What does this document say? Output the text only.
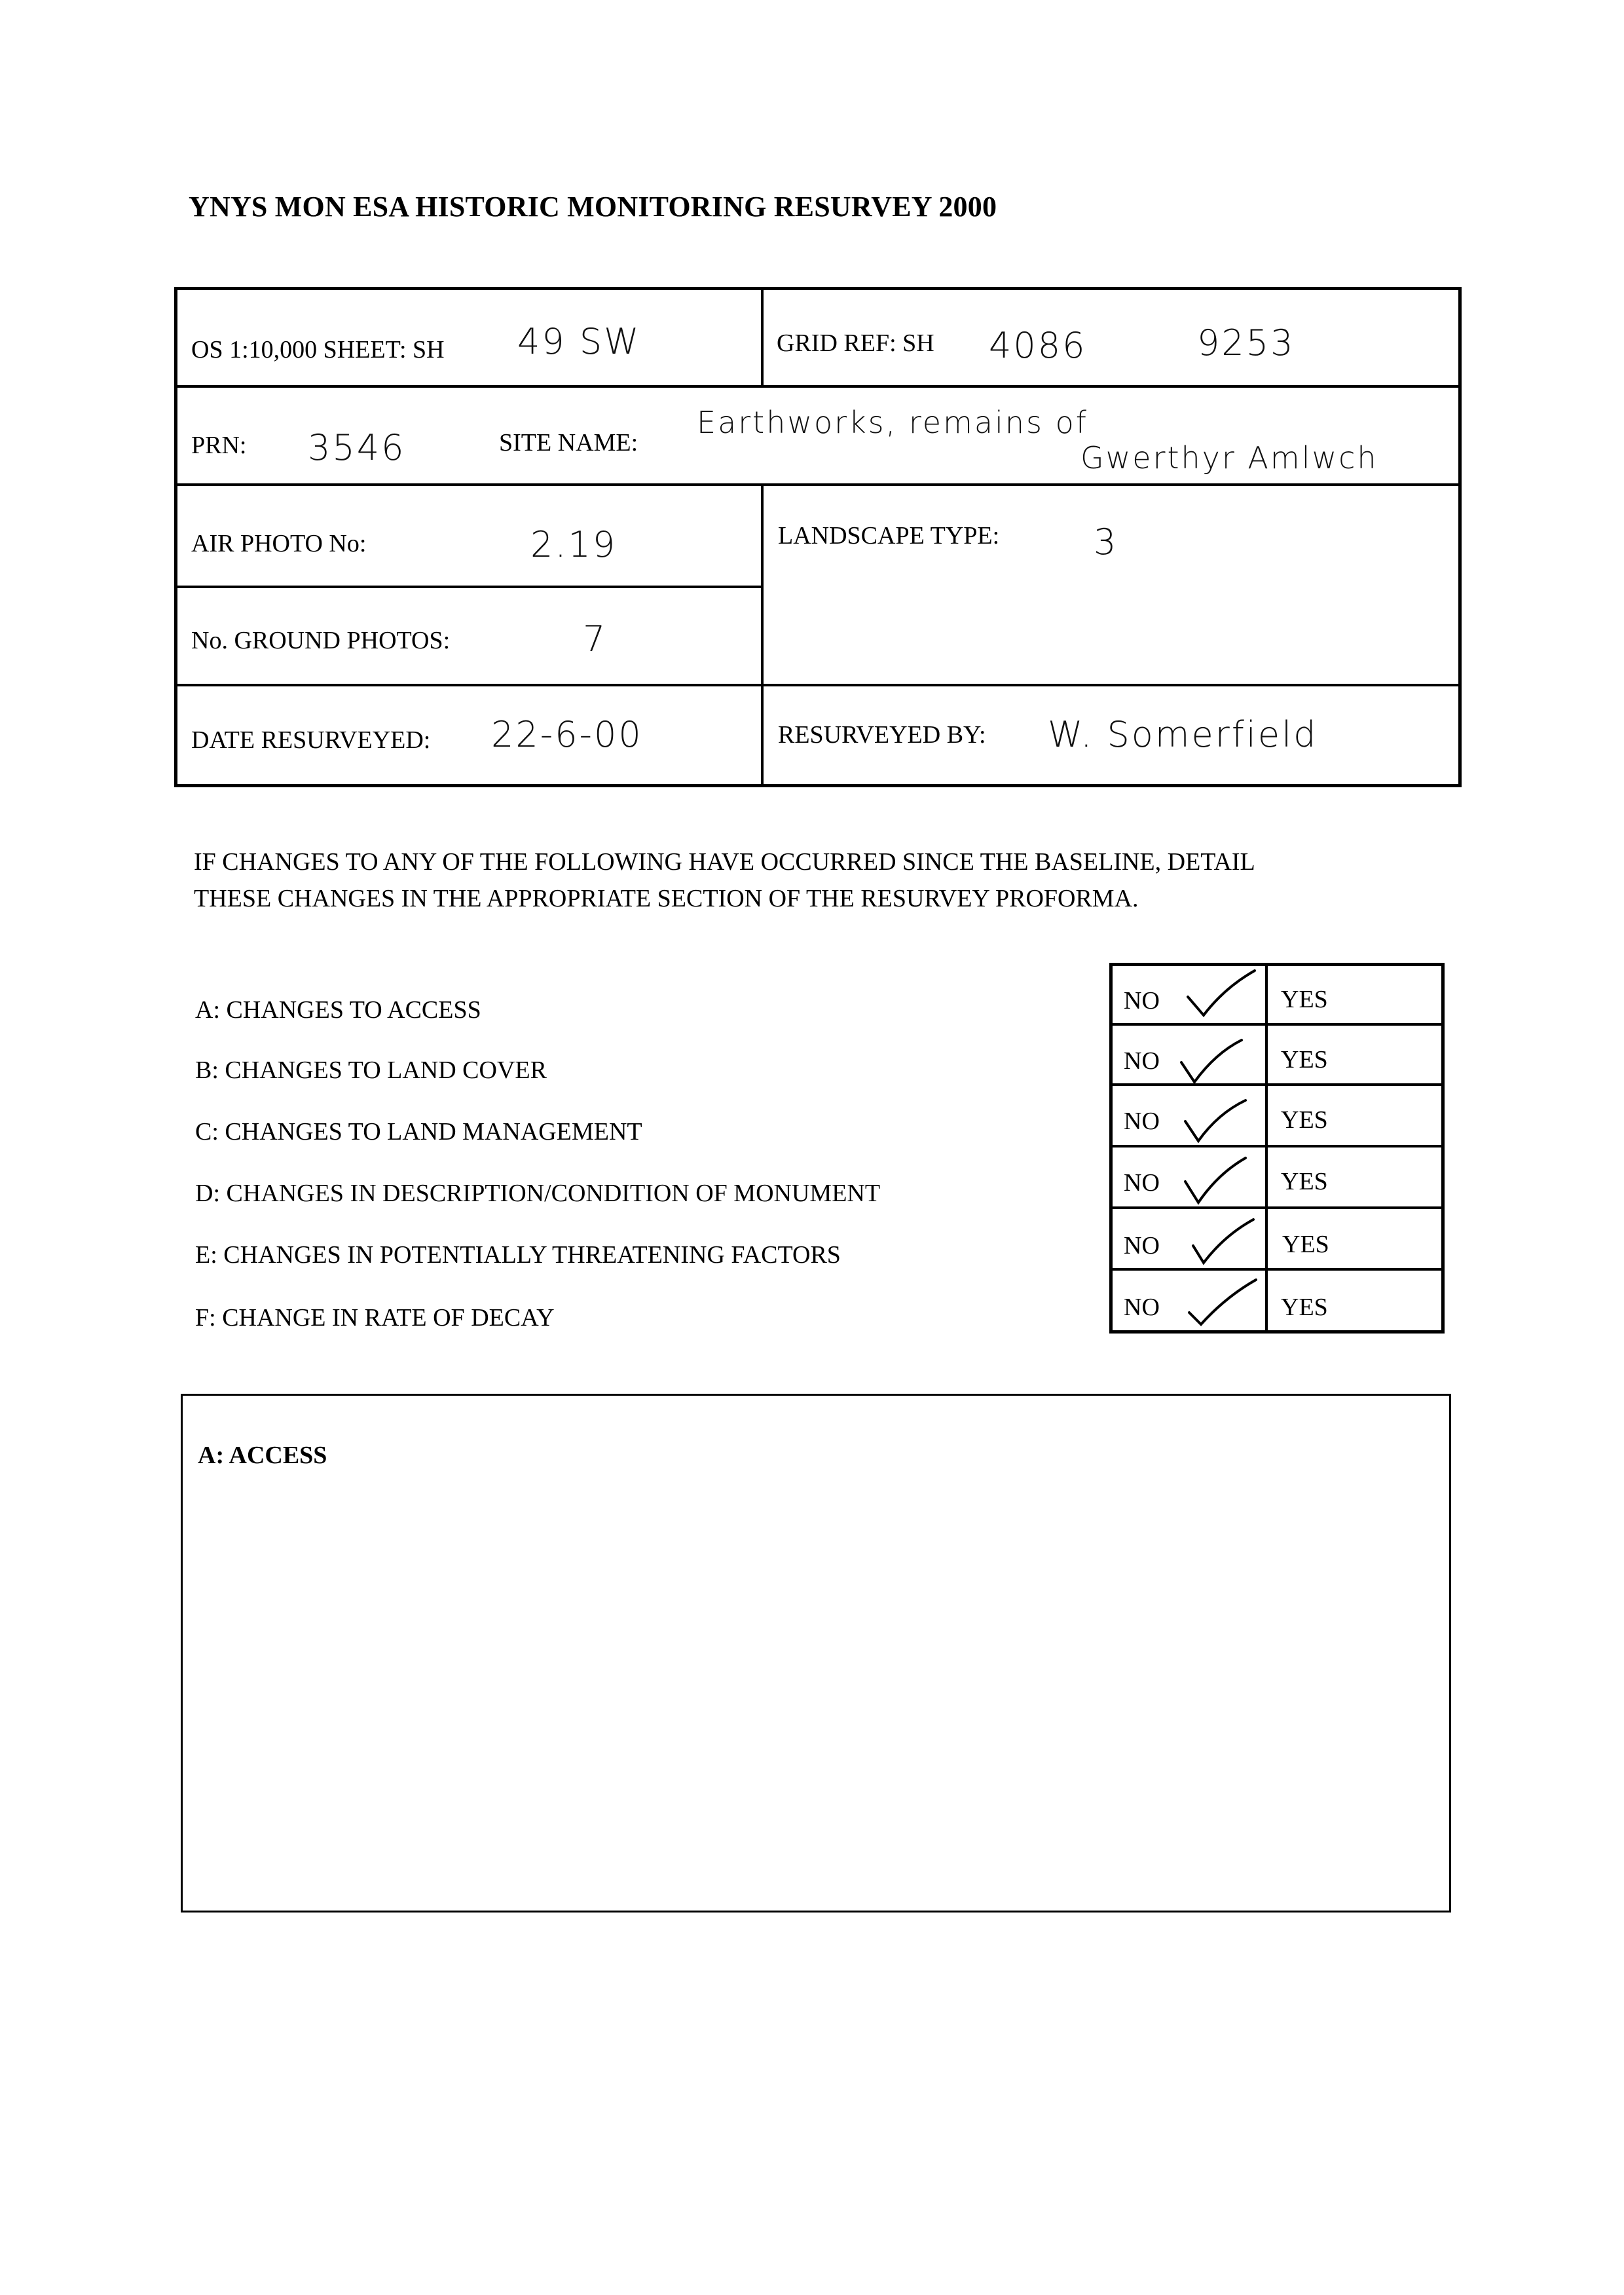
YNYS MON ESA HISTORIC MONITORING RESURVEY 2000
OS 1:10,000 SHEET: SH 49 SW	GRID REF: SH 4086	9253
PRN: 3546	SITE NAME:
Earthworks, remains of
Gwerthyr Amlwch
AIR PHOTO No:	2.19	LANDSCAPE TYPE:	3
No. GROUND PHOTOS:	7
DATE RESURVEYED: 22-6-00	RESURVEYED BY: W. Somerfield
IF CHANGES TO ANY OF THE FOLLOWING HAVE OCCURRED SINCE THE BASELINE, DETAIL
THESE CHANGES IN THE APPROPRIATE SECTION OF THE RESURVEY PROFORMA.
A: CHANGES TO ACCESS
B: CHANGES TO LAND COVER
C: CHANGES TO LAND MANAGEMENT
D: CHANGES IN DESCRIPTION/CONDITION OF MONUMENT
E: CHANGES IN POTENTIALLY THREATENING FACTORS
F: CHANGE IN RATE OF DECAY
NO	YES
NO	YES
NO	YES
NO	YES
NO	YES
NO	YES
A: ACCESS
